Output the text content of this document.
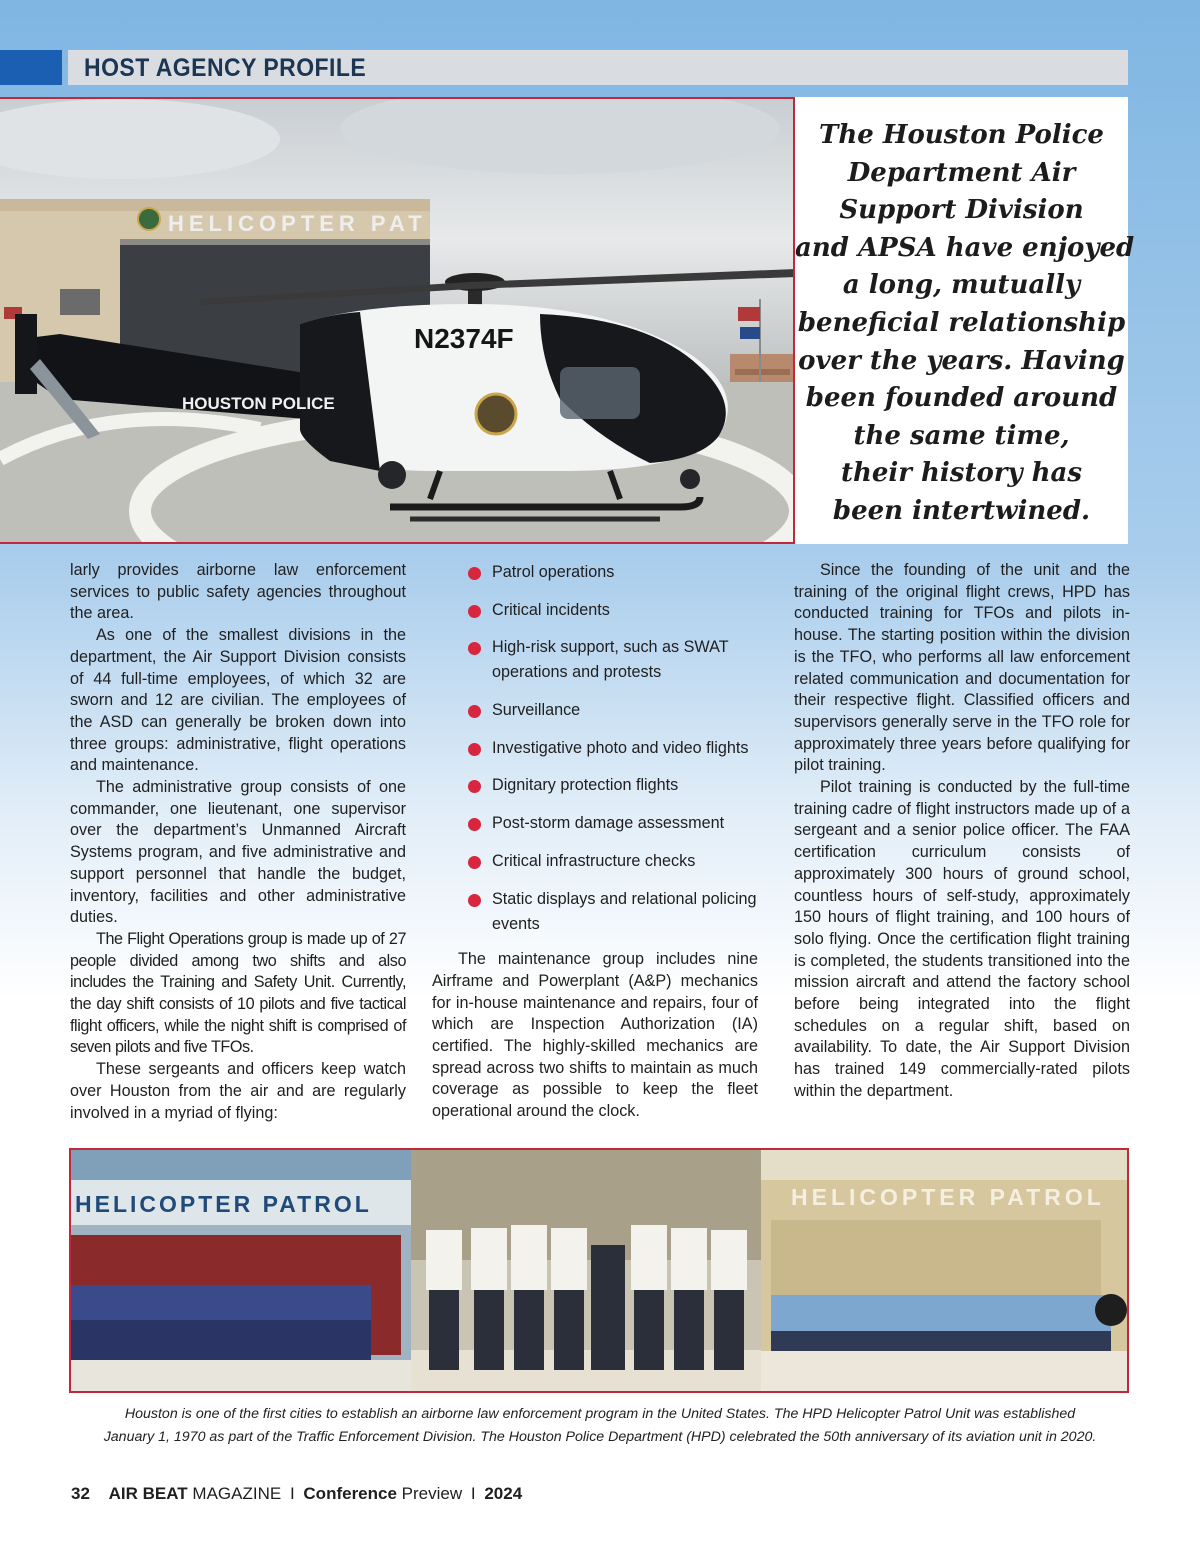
HOST AGENCY PROFILE
HELICOPTER PAT
N2374F
HOUSTON POLICE
The Houston Police
Department Air
Support Division
and APSA have enjoyed
a long, mutually
beneficial relationship
over the years. Having
been founded around
the same time,
their history has
been intertwined.

larly provides airborne law enforcement services to public safety agencies throughout the area.

As one of the smallest divisions in the department, the Air Support Division consists of 44 full-time employees, of which 32 are sworn and 12 are civilian. The employees of the ASD can generally be broken down into three groups: administrative, flight operations and maintenance.

The administrative group consists of one commander, one lieutenant, one supervisor over the department’s Unmanned Aircraft Systems program, and five administrative and support personnel that handle the budget, inventory, facilities and other administrative duties.

The Flight Operations group is made up of 27 people divided among two shifts and also includes the Training and Safety Unit. Currently, the day shift consists of 10 pilots and five tactical flight officers, while the night shift is comprised of seven pilots and five TFOs.

These sergeants and officers keep watch over Houston from the air and are regularly involved in a myriad of flying:

Patrol operations
Critical incidents
High-risk support, such as SWAT operations and protests
Surveillance
Investigative photo and video flights
Dignitary protection flights
Post-storm damage assessment
Critical infrastructure checks
Static displays and relational policing events

The maintenance group includes nine Airframe and Powerplant (A&P) mechanics for in-house maintenance and repairs, four of which are Inspection Authorization (IA) certified. The highly-skilled mechanics are spread across two shifts to maintain as much coverage as possible to keep the fleet operational around the clock.

Since the founding of the unit and the training of the original flight crews, HPD has conducted training for TFOs and pilots in-house. The starting position within the division is the TFO, who performs all law enforcement related communication and documentation for their respective flight. Classified officers and supervisors generally serve in the TFO role for approximately three years before qualifying for pilot training.

Pilot training is conducted by the full-time training cadre of flight instructors made up of a sergeant and a senior police officer. The FAA certification curriculum consists of approximately 300 hours of ground school, countless hours of self-study, approximately 150 hours of flight training, and 100 hours of solo flying. Once the certification flight training is completed, the students transitioned into the mission aircraft and attend the factory school before being integrated into the flight schedules on a regular shift, based on availability. To date, the Air Support Division has trained 149 commercially-rated pilots within the department.

HELICOPTER PATROL	HELICOPTER PATROL
Houston is one of the first cities to establish an airborne law enforcement program in the United States. The HPD Helicopter Patrol Unit was established
January 1, 1970 as part of the Traffic Enforcement Division. The Houston Police Department (HPD) celebrated the 50th anniversary of its aviation unit in 2020.
32 AIR BEAT MAGAZINE I Conference Preview I 2024
